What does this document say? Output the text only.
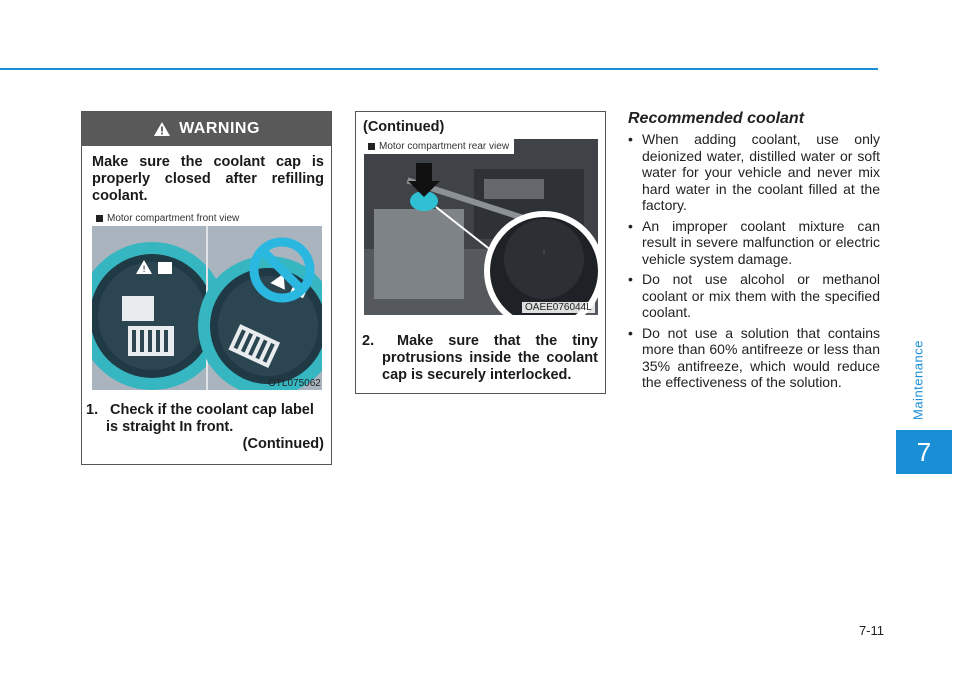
Maintenance
7
7-11
WARNING
Make sure the coolant cap is properly closed after refilling coolant.
Motor compartment front view
!
OTL075062
1. Check if the coolant cap label is straight In front.
(Continued)
(Continued)
!
Motor compartment rear view
OAEE076044L
2. Make sure that the tiny protrusions inside the coolant cap is securely interlocked.
Recommended coolant
• When adding coolant, use only deionized water, distilled water or soft water for your vehicle and never mix hard water in the coolant filled at the factory.
• An improper coolant mixture can result in severe malfunction or electric vehicle system damage.
• Do not use alcohol or methanol coolant or mix them with the specified coolant.
• Do not use a solution that contains more than 60% antifreeze or less than 35% antifreeze, which would reduce the effectiveness of the solution.
